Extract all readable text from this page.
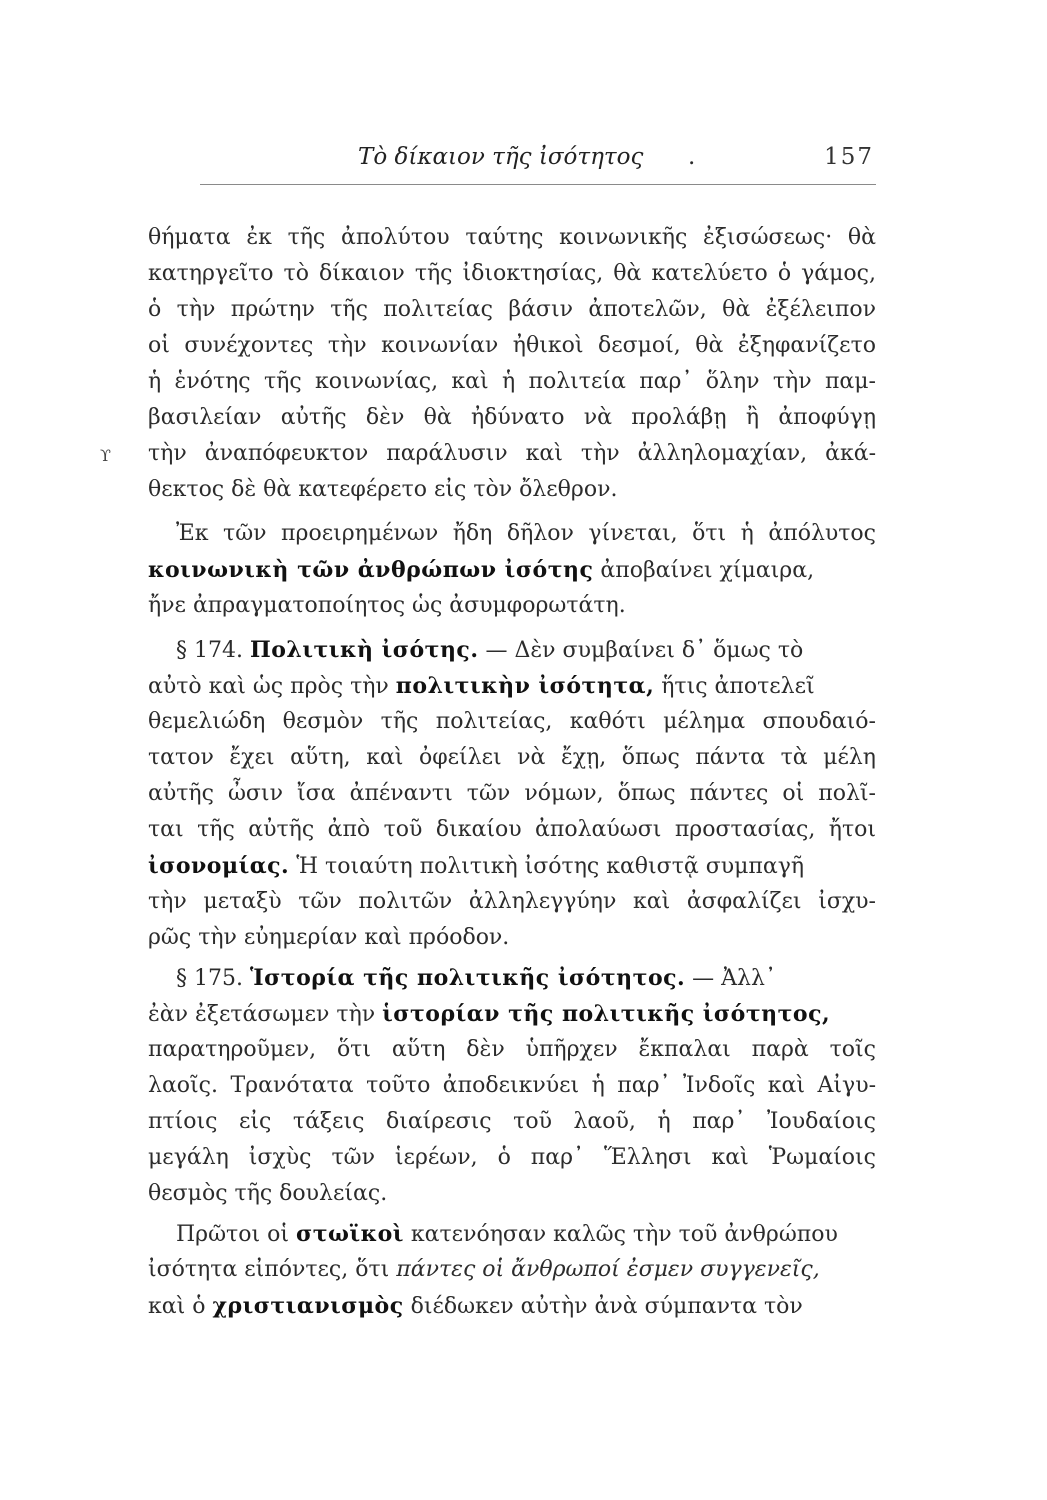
Τὸ δίκαιον τῆς ἰσότητος .	157
ϒ
θήματα ἐκ τῆς ἀπολύτου ταύτης κοινωνικῆς ἐξισώσεως· θὰ
κατηργεῖτο τὸ δίκαιον τῆς ἰδιοκτησίας, θὰ κατελύετο ὁ γάμος,
ὁ τὴν πρώτην τῆς πολιτείας βάσιν ἀποτελῶν, θὰ ἐξέλειπον
οἱ συνέχοντες τὴν κοινωνίαν ἠθικοὶ δεσμοί, θὰ ἐξηφανίζετο
ἡ ἑνότης τῆς κοινωνίας, καὶ ἡ πολιτεία παρ᾽ ὅλην τὴν παμ-
βασιλείαν αὐτῆς δὲν θὰ ἠδύνατο νὰ προλάβῃ ἢ ἀποφύγῃ
τὴν ἀναπόφευκτον παράλυσιν καὶ τὴν ἀλληλομαχίαν, ἀκά-
θεκτος δὲ θὰ κατεφέρετο εἰς τὸν ὄλεθρον.
Ἐκ τῶν προειρημένων ἤδη δῆλον γίνεται, ὅτι ἡ ἀπόλυτος
κοινωνικὴ τῶν ἀνθρώπων ἰσότης ἀποβαίνει χίμαιρα,
ἤνε ἀπραγματοποίητος ὡς ἀσυμφορωτάτη.
§ 174. Πολιτικὴ ἰσότης. — Δὲν συμβαίνει δ᾽ ὅμως τὸ
αὐτὸ καὶ ὡς πρὸς τὴν πολιτικὴν ἰσότητα, ἥτις ἀποτελεῖ
θεμελιώδη θεσμὸν τῆς πολιτείας, καθότι μέλημα σπουδαιό-
τατον ἔχει αὕτη, καὶ ὀφείλει νὰ ἔχῃ, ὅπως πάντα τὰ μέλη
αὐτῆς ὦσιν ἴσα ἀπέναντι τῶν νόμων, ὅπως πάντες οἱ πολῖ-
ται τῆς αὐτῆς ἀπὸ τοῦ δικαίου ἀπολαύωσι προστασίας, ἤτοι
ἰσονομίας. Ἡ τοιαύτη πολιτικὴ ἰσότης καθιστᾷ συμπαγῆ
τὴν μεταξὺ τῶν πολιτῶν ἀλληλεγγύην καὶ ἀσφαλίζει ἰσχυ-
ρῶς τὴν εὐημερίαν καὶ πρόοδον.
§ 175. Ἱστορία τῆς πολιτικῆς ἰσότητος. — Ἀλλ᾽
ἐὰν ἐξετάσωμεν τὴν ἱστορίαν τῆς πολιτικῆς ἰσότητος,
παρατηροῦμεν, ὅτι αὕτη δὲν ὑπῆρχεν ἔκπαλαι παρὰ τοῖς
λαοῖς. Τρανότατα τοῦτο ἀποδεικνύει ἡ παρ᾽ Ἰνδοῖς καὶ Αἰγυ-
πτίοις εἰς τάξεις διαίρεσις τοῦ λαοῦ, ἡ παρ᾽ Ἰουδαίοις
μεγάλη ἰσχὺς τῶν ἱερέων, ὁ παρ᾽ Ἕλλησι καὶ Ῥωμαίοις
θεσμὸς τῆς δουλείας.
Πρῶτοι οἱ στωϊκοὶ κατενόησαν καλῶς τὴν τοῦ ἀνθρώπου
ἰσότητα εἰπόντες, ὅτι πάντες οἱ ἄνθρωποί ἐσμεν συγγενεῖς,
καὶ ὁ χριστιανισμὸς διέδωκεν αὐτὴν ἀνὰ σύμπαντα τὸν
